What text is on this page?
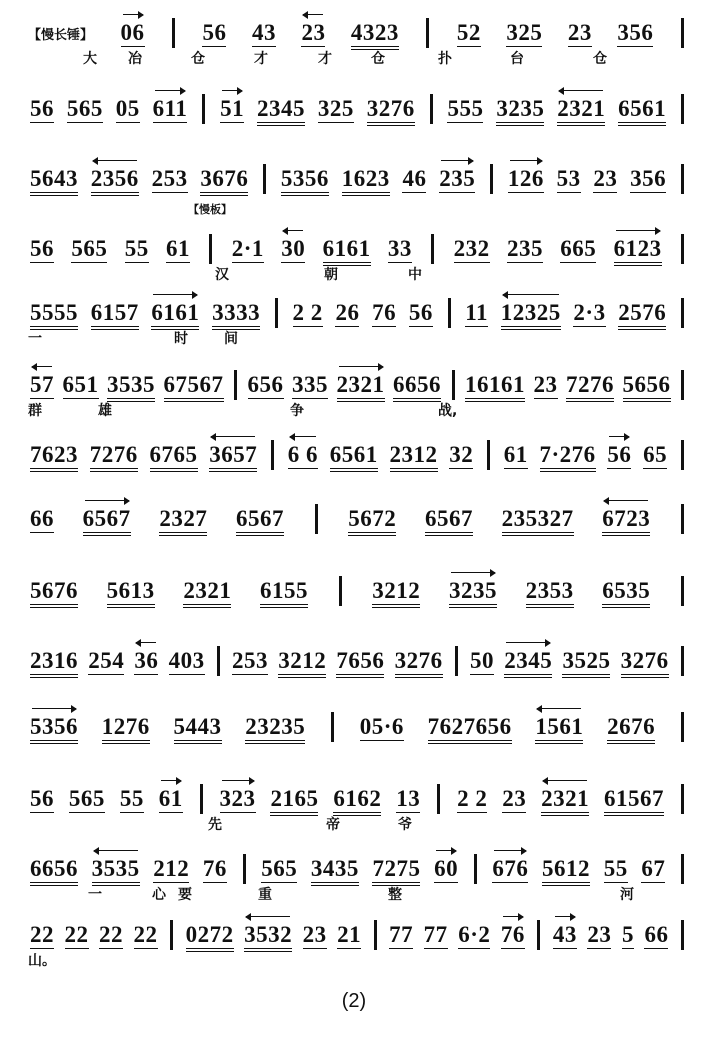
【慢长锤】 06	56 43 23 4323	52 325 23 356
大 冶	仓	才	才	仓	扑	台	仓
56 565 05 611 51 2345 325 3276 555 3235 2321 6561
5643 2356 253 3676 5356 1623 46 235 126 53 23 356
56 565 55 61 2·1 30 6161 33 232 235 665 6123
汉	朝	中
5555 6157 6161 3333 2 2 26 76 56 11 12325 2·3 2576
一	时	间
57 651 3535 67567 656 335 2321 6656 16161 23 7276 5656
群	雄	争	战,
7623 7276 6765 3657 6 6 6561 2312 32 61 7·276 56 65
66 6567 2327 6567	5672 6567 235327 6723
5676 5613 2321 6155	3212 3235 2353 6535
2316 254 36 403 253 3212 7656 3276 50 2345 3525 3276
5356 1276 5443 23235 05·6 7627656 1561 2676
56 565 55 61 323 2165 6162 13 2 2 23 2321 61567
先	帝	爷
6656 3535 212 76 565 3435 7275 60 676 5612 55 67
一	心 要	重	整	河
22 22 22 22 0272 3532 23 21 77 77 6·2 76 43 23 5 66
山。
【慢板】
(2)
